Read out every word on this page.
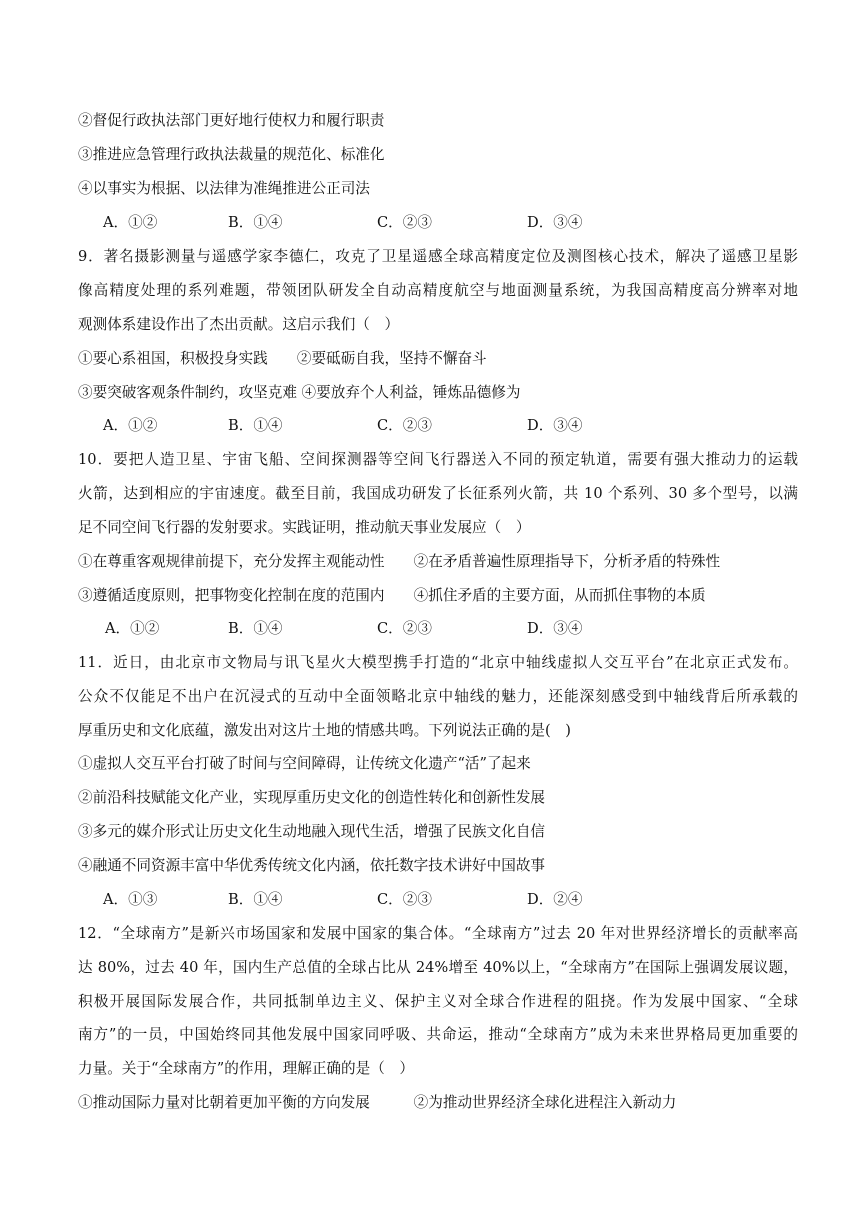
②督促行政执法部门更好地行使权力和履行职责
③推进应急管理行政执法裁量的规范化、标准化
④以事实为根据、以法律为准绳推进公正司法
A．①②	B．①④	C．②③	D．③④
9．著名摄影测量与遥感学家李德仁，攻克了卫星遥感全球高精度定位及测图核心技术，解决了遥感卫星影
像高精度处理的系列难题，带领团队研发全自动高精度航空与地面测量系统，为我国高精度高分辨率对地
观测体系建设作出了杰出贡献。这启示我们（　）
①要心系祖国，积极投身实践　　②要砥砺自我，坚持不懈奋斗
③要突破客观条件制约，攻坚克难 ④要放弃个人利益，锤炼品德修为
A．①②	B．①④	C．②③	D．③④
10．要把人造卫星、宇宙飞船、空间探测器等空间飞行器送入不同的预定轨道，需要有强大推动力的运载
火箭，达到相应的宇宙速度。截至目前，我国成功研发了长征系列火箭，共 10 个系列、30 多个型号，以满
足不同空间飞行器的发射要求。实践证明，推动航天事业发展应（　）
①在尊重客观规律前提下，充分发挥主观能动性　　②在矛盾普遍性原理指导下，分析矛盾的特殊性
③遵循适度原则，把事物变化控制在度的范围内　　④抓住矛盾的主要方面，从而抓住事物的本质
A．①②	B．①④	C．②③	D．③④
11．近日，由北京市文物局与讯飞星火大模型携手打造的“北京中轴线虚拟人交互平台”在北京正式发布。
公众不仅能足不出户在沉浸式的互动中全面领略北京中轴线的魅力，还能深刻感受到中轴线背后所承载的
厚重历史和文化底蕴，激发出对这片土地的情感共鸣。下列说法正确的是(　)
①虚拟人交互平台打破了时间与空间障碍，让传统文化遗产“活”了起来
②前沿科技赋能文化产业，实现厚重历史文化的创造性转化和创新性发展
③多元的媒介形式让历史文化生动地融入现代生活，增强了民族文化自信
④融通不同资源丰富中华优秀传统文化内涵，依托数字技术讲好中国故事
A．①③	B．①④	C．②③	D．②④
12．“全球南方”是新兴市场国家和发展中国家的集合体。“全球南方”过去 20 年对世界经济增长的贡献率高
达 80%，过去 40 年，国内生产总值的全球占比从 24%增至 40%以上，“全球南方”在国际上强调发展议题，
积极开展国际发展合作，共同抵制单边主义、保护主义对全球合作进程的阻挠。作为发展中国家、“全球
南方”的一员，中国始终同其他发展中国家同呼吸、共命运，推动“全球南方”成为未来世界格局更加重要的
力量。关于“全球南方”的作用，理解正确的是（　）
①推动国际力量对比朝着更加平衡的方向发展　　　②为推动世界经济全球化进程注入新动力
